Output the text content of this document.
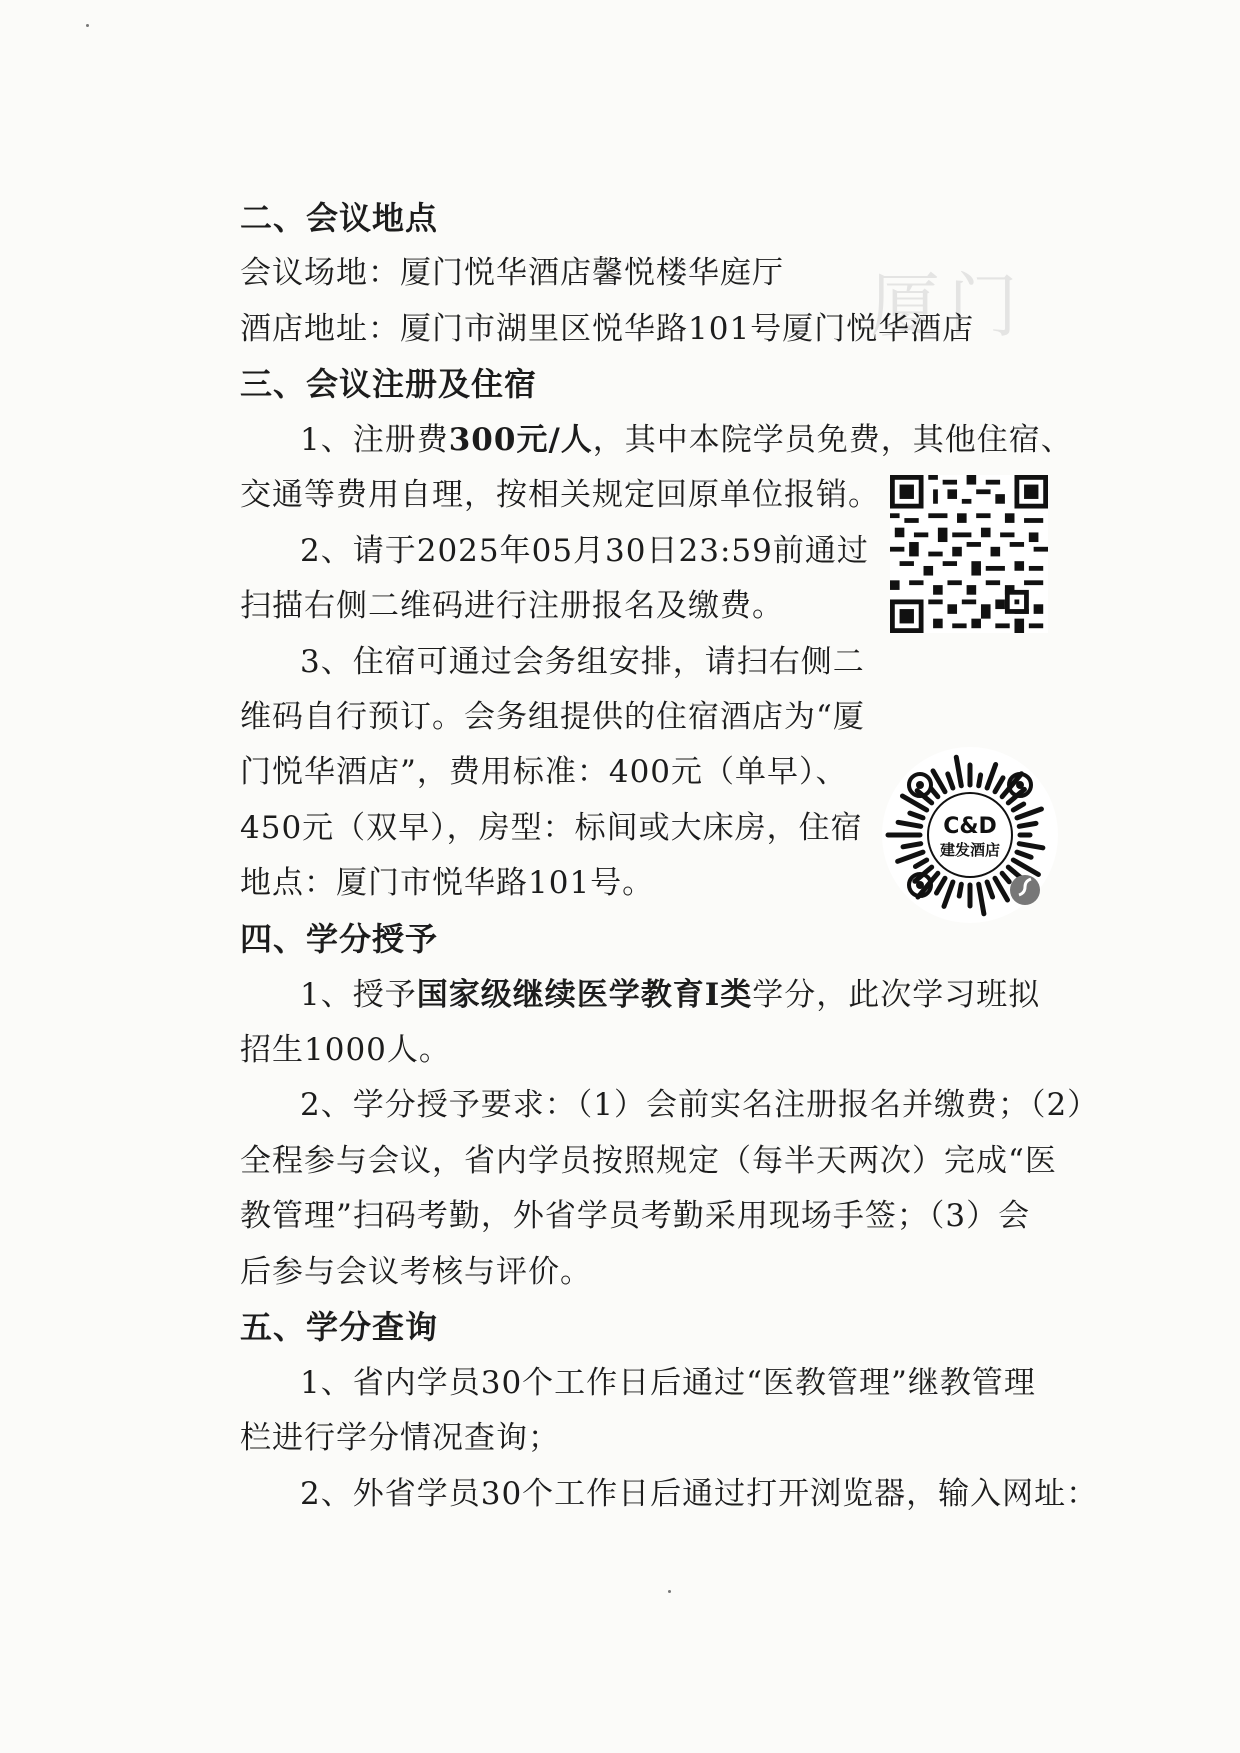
厦门

二、会议地点
会议场地：厦门悦华酒店馨悦楼华庭厅
酒店地址：厦门市湖里区悦华路101号厦门悦华酒店
三、会议注册及住宿
1、注册费300元/人，其中本院学员免费，其他住宿、
交通等费用自理，按相关规定回原单位报销。
2、请于2025年05月30日23:59前通过
扫描右侧二维码进行注册报名及缴费。
3、住宿可通过会务组安排，请扫右侧二
维码自行预订。会务组提供的住宿酒店为“厦
门悦华酒店”，费用标准：400元（单早）、
450元（双早），房型：标间或大床房，住宿
地点：厦门市悦华路101号。
C&D
建发酒店
四、学分授予
1、授予国家级继续医学教育Ⅰ类学分，此次学习班拟
招生1000人。
2、学分授予要求：（1）会前实名注册报名并缴费；（2）
全程参与会议，省内学员按照规定（每半天两次）完成“医
教管理”扫码考勤，外省学员考勤采用现场手签；（3）会
后参与会议考核与评价。
五、学分查询
1、省内学员30个工作日后通过“医教管理”继教管理
栏进行学分情况查询；
2、外省学员30个工作日后通过打开浏览器，输入网址：
